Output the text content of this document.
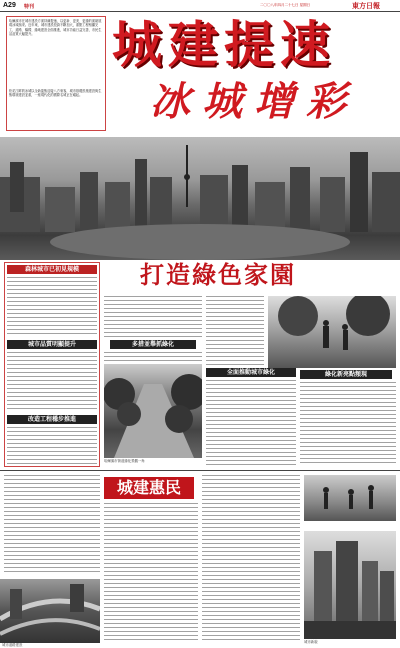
A29 特刊	二〇〇八年四月二十七日 星期日	東方日報
哈爾濱市在城市建設方面持續提速，以更新、更美、更綠的面貌展現冰城風采。近年來，城市建設投資不斷加大，重點工程相繼完工，道路、橋樑、綠地建設全面推進，城市功能日益完善，市民生活品質大幅提升。
松花江畔的冰城以全新姿態迎接八方來客，城市基礎設施建設與生態環境建設並重，一座現代化的國際名城正在崛起。
城建提速
冰城增彩
森林城市已初見規模
城市品質明顯提升
改造工程穩步推進
打造綠色家園
多措並舉抓綠化
哈爾濱市街道綠化景觀一角
全面推動城市綠化	綠化新亮點頻現
城市道路建設
城建惠民
城市新貌
